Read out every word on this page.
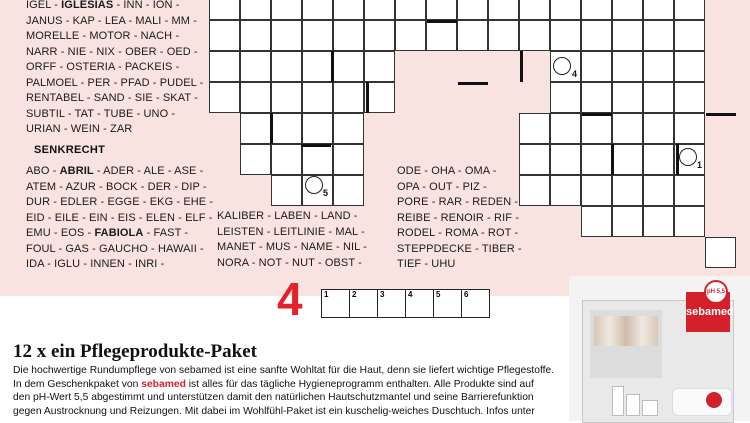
IGEL - IGLESIAS - INN - ION -
JANUS - KAP - LEA - MALI - MM -
MORELLE - MOTOR - NACH -
NARR - NIE - NIX - OBER - OED -
ORFF - OSTERIA - PACKEIS -
PALMOEL - PER - PFAD - PUDEL -
RENTABEL - SAND - SIE - SKAT -
SUBTIL - TAT - TUBE - UNO -
URIAN - WEIN - ZAR
SENKRECHT
ABO - ABRIL - ADER - ALE - ASE -
ATEM - AZUR - BOCK - DER - DIP -
DUR - EDLER - EGGE - EKG - EHE -
EID - EILE - EIN - EIS - ELEN - ELF -
EMU - EOS - FABIOLA - FAST -
FOUL - GAS - GAUCHO - HAWAII -
IDA - IGLU - INNEN - INRI -
KALIBER - LABEN - LAND -
LEISTEN - LEITLINIE - MAL -
MANET - MUS - NAME - NIL -
NORA - NOT - NUT - OBST -
ODE - OHA - OMA -
OPA - OUT - PIZ -
PORE - RAR - REDEN -
REIBE - RENOIR - RIF -
RODEL - ROMA - ROT -
STEPPDECKE - TIBER -
TIEF - UHU
4
5
1
4	1	2	3	4	5	6
12 x ein Pflegeprodukte-Paket
Die hochwertige Rundumpflege von sebamed ist eine sanfte Wohltat für die Haut, denn sie liefert wichtige Pflegestoffe.
In dem Geschenkpaket von sebamed ist alles für das tägliche Hygieneprogramm enthalten. Alle Produkte sind auf
den pH-Wert 5,5 abgestimmt und unterstützen damit den natürlichen Hautschutzmantel und seine Barrierefunktion
gegen Austrocknung und Reizungen. Mit dabei im Wohlfühl-Paket ist ein kuschelig-weiches Duschtuch. Infos unter
sebamed
pH 5,5
